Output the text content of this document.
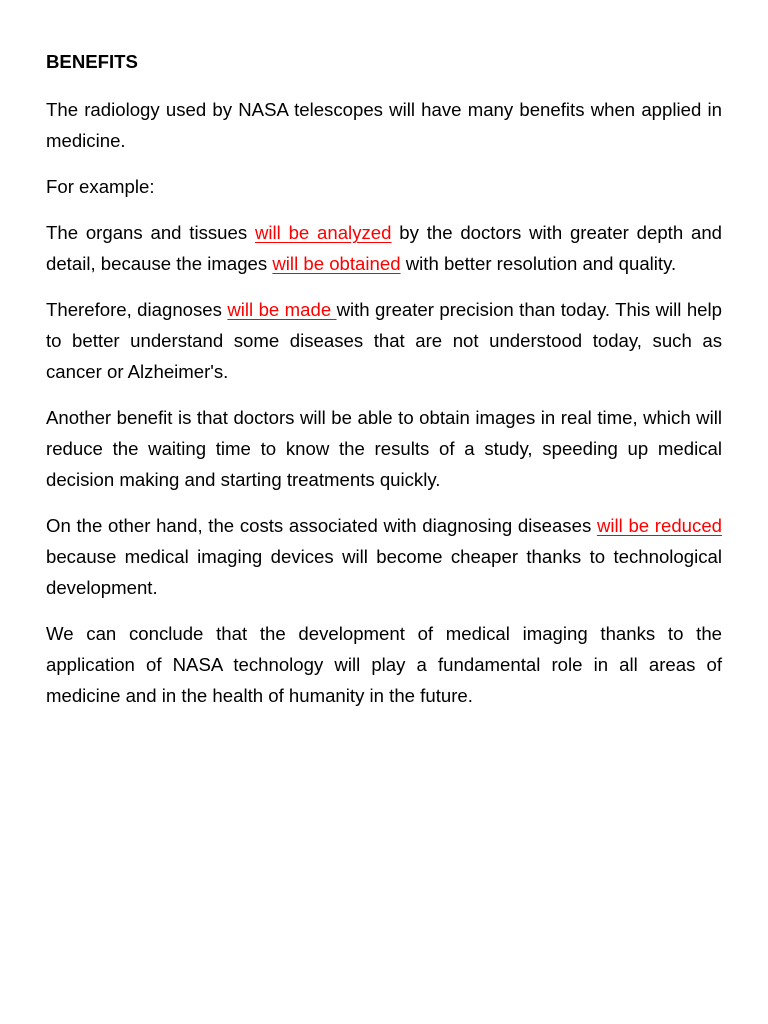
BENEFITS

The radiology used by NASA telescopes will have many benefits when applied in medicine.

For example:

The organs and tissues will be analyzed by the doctors with greater depth and detail, because the images will be obtained with better resolution and quality.

Therefore, diagnoses will be made with greater precision than today. This will help to better understand some diseases that are not understood today, such as cancer or Alzheimer's.

Another benefit is that doctors will be able to obtain images in real time, which will reduce the waiting time to know the results of a study, speeding up medical decision making and starting treatments quickly.

On the other hand, the costs associated with diagnosing diseases will be reduced because medical imaging devices will become cheaper thanks to technological development.

We can conclude that the development of medical imaging thanks to the application of NASA technology will play a fundamental role in all areas of medicine and in the health of humanity in the future.
